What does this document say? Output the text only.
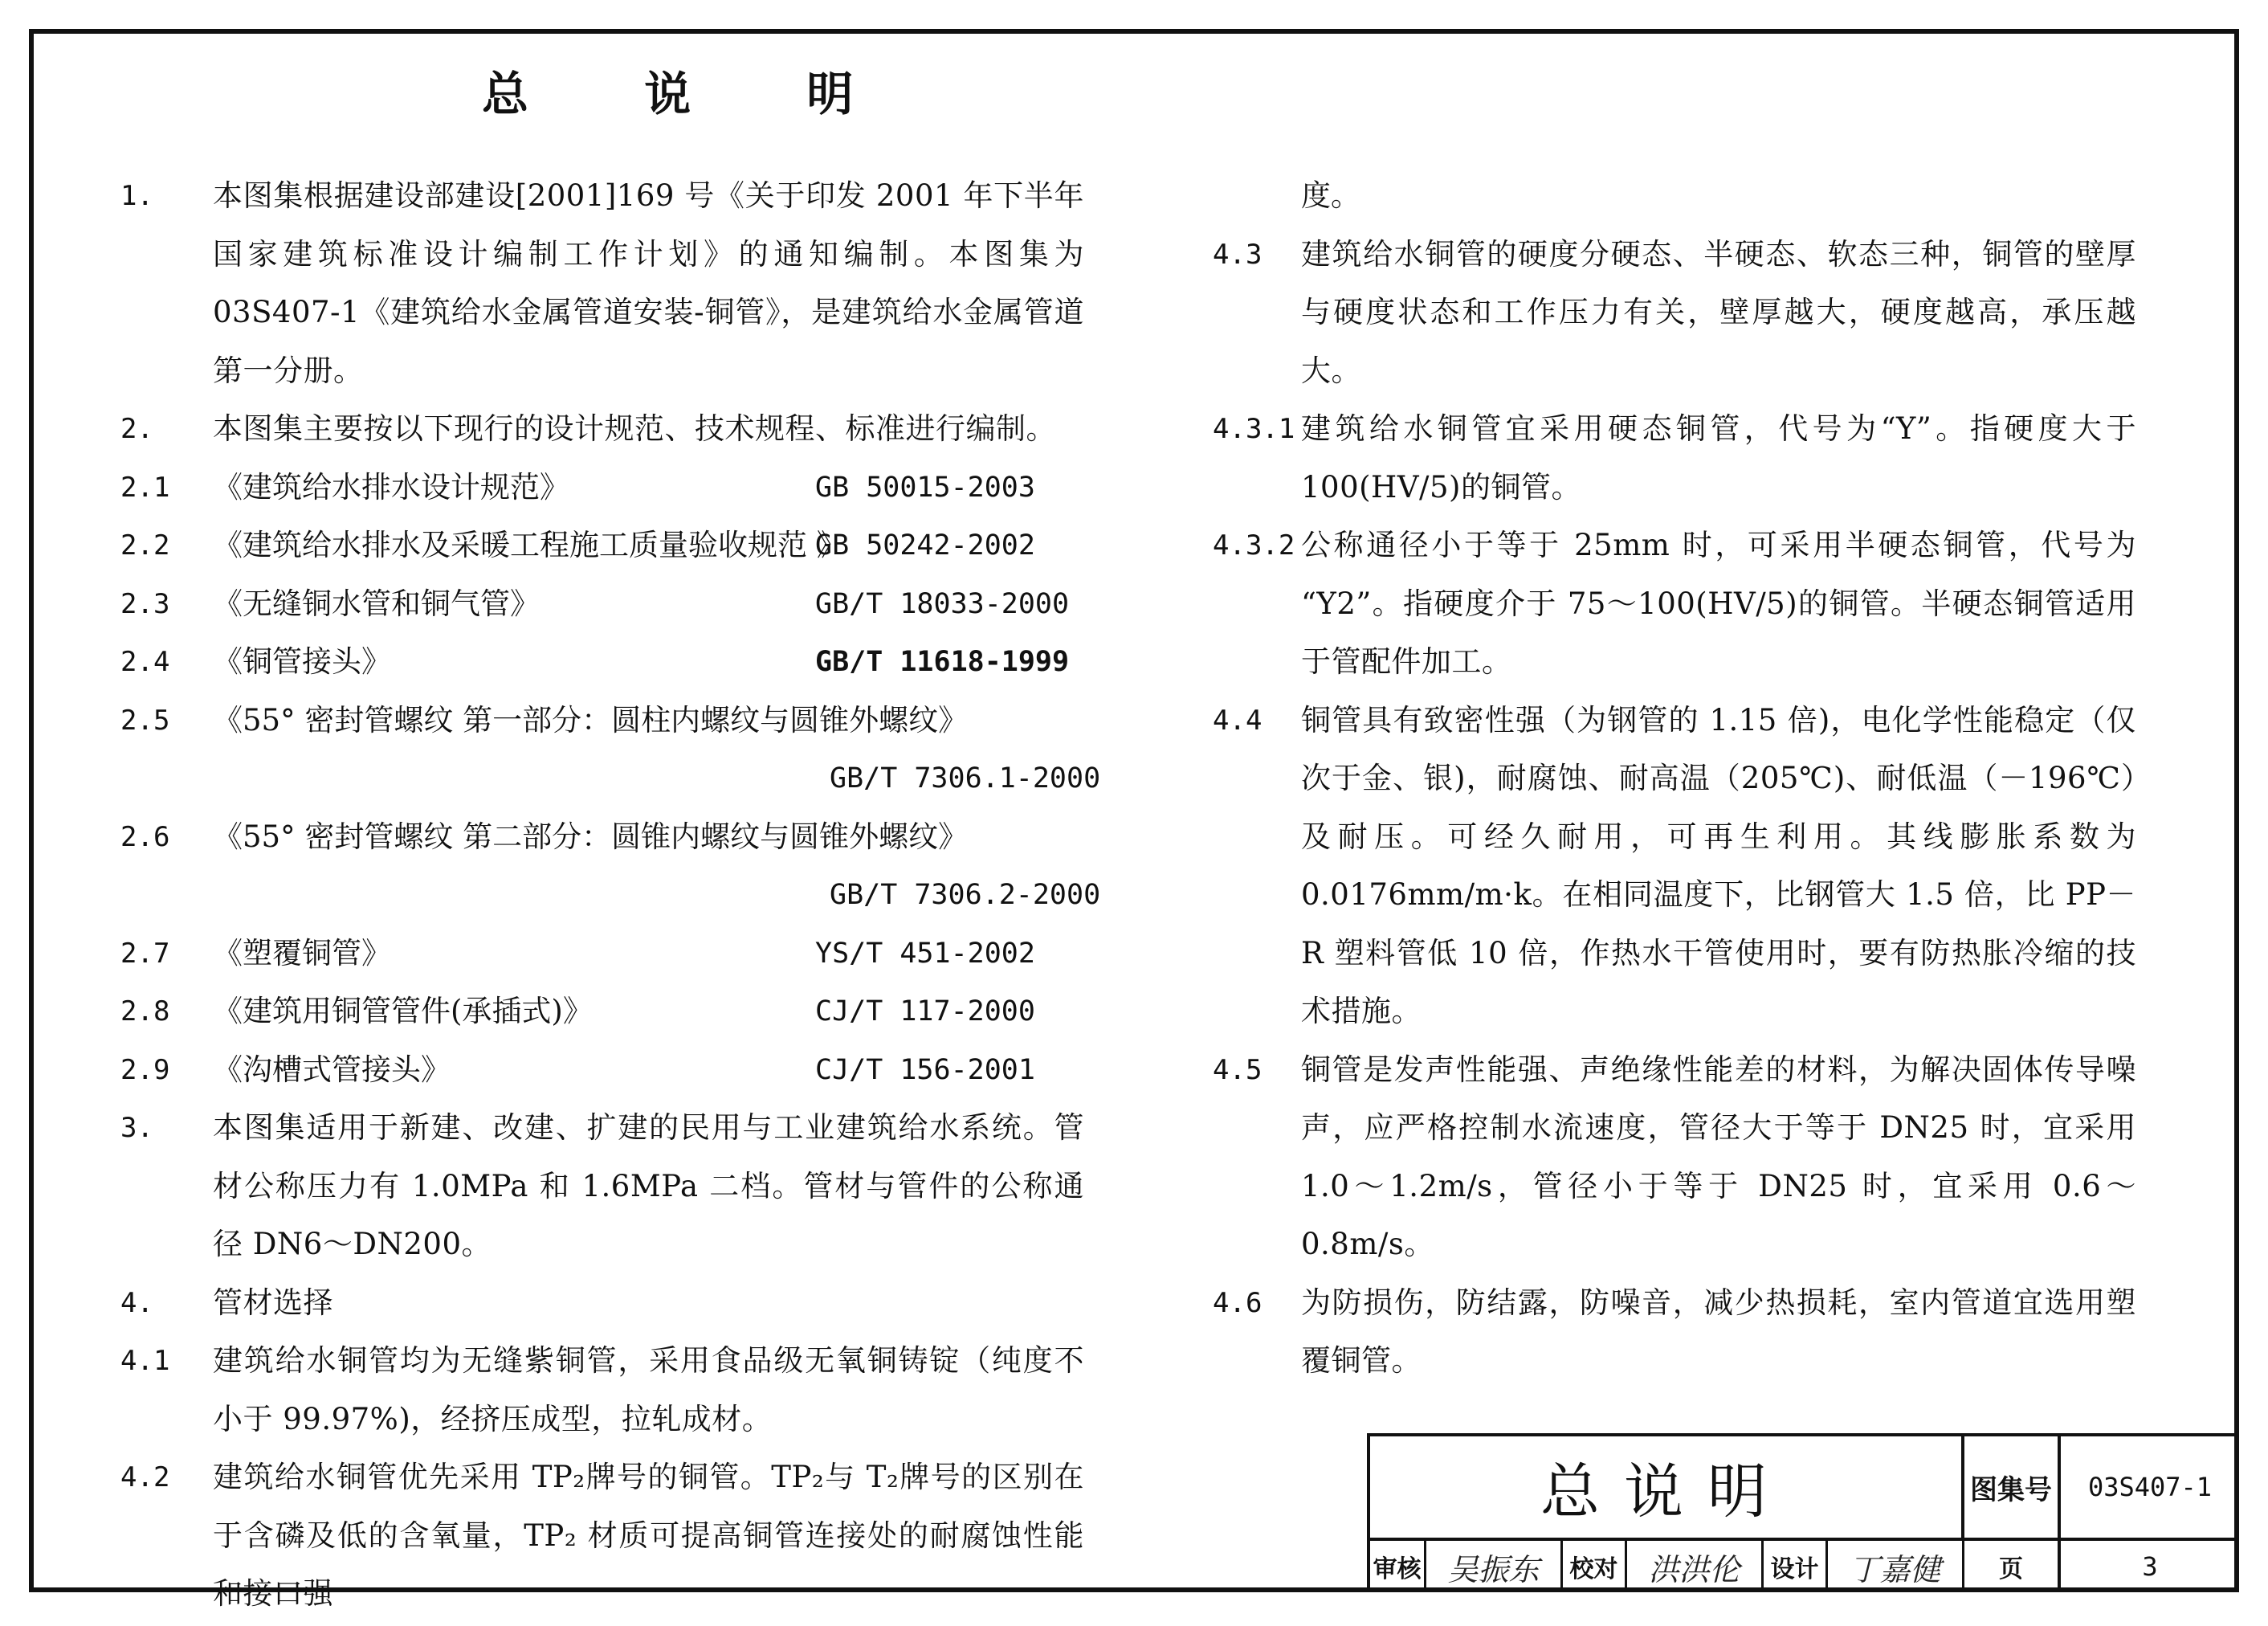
总 说 明
1.	本图集根据建设部建设[2001]169 号《关于印发 2001 年下半年国家建筑标准设计编制工作计划》的通知编制。本图集为 03S407-1《建筑给水金属管道安装-铜管》，是建筑给水金属管道第一分册。
2.	本图集主要按以下现行的设计规范、技术规程、标准进行编制。
2.1	《建筑给水排水设计规范》	GB 50015-2003
2.2	《建筑给水排水及采暖工程施工质量验收规范 》
GB 50242-2002
2.3	《无缝铜水管和铜气管》	GB/T 18033-2000
2.4	《铜管接头》	GB/T 11618-1999
2.5	《55° 密封管螺纹 第一部分：圆柱内螺纹与圆锥外螺纹》
GB/T 7306.1-2000
2.6	《55° 密封管螺纹 第二部分：圆锥内螺纹与圆锥外螺纹》
GB/T 7306.2-2000
2.7	《塑覆铜管》	YS/T 451-2002
2.8	《建筑用铜管管件(承插式)》	CJ/T 117-2000
2.9	《沟槽式管接头》	CJ/T 156-2001
3.	本图集适用于新建、改建、扩建的民用与工业建筑给水系统。管材公称压力有 1.0MPa 和 1.6MPa 二档。管材与管件的公称通径 DN6～DN200。
4.	管材选择
4.1	建筑给水铜管均为无缝紫铜管，采用食品级无氧铜铸锭（纯度不小于 99.97%)，经挤压成型，拉轧成材。
4.2	建筑给水铜管优先采用 TP₂牌号的铜管。TP₂与 T₂牌号的区别在于含磷及低的含氧量，TP₂ 材质可提高铜管连接处的耐腐蚀性能和接口强
度。
4.3	建筑给水铜管的硬度分硬态、半硬态、软态三种，铜管的壁厚与硬度状态和工作压力有关，壁厚越大，硬度越高，承压越大。
4.3.1 建筑给水铜管宜采用硬态铜管，代号为“Y”。指硬度大于 100(HV/5)的铜管。
4.3.2 公称通径小于等于 25mm 时，可采用半硬态铜管，代号为 “Y2”。指硬度介于 75～100(HV/5)的铜管。半硬态铜管适用于管配件加工。
4.4	铜管具有致密性强（为钢管的 1.15 倍)，电化学性能稳定（仅次于金、银)，耐腐蚀、耐高温（205℃)、耐低温（－196℃）及耐压。可经久耐用，可再生利用。其线膨胀系数为 0.0176mm/m·k。在相同温度下，比钢管大 1.5 倍，比 PP－R 塑料管低 10 倍，作热水干管使用时，要有防热胀冷缩的技术措施。
4.5	铜管是发声性能强、声绝缘性能差的材料，为解决固体传导噪声，应严格控制水流速度，管径大于等于 DN25 时，宜采用 1.0～1.2m/s，管径小于等于 DN25 时，宜采用 0.6～0.8m/s。
4.6	为防损伤，防结露，防噪音，减少热损耗，室内管道宜选用塑覆铜管。
总说明	图集号	03S407-1
审核 吴振东	校对 洪洪伦	设计 丁嘉健	页	3
